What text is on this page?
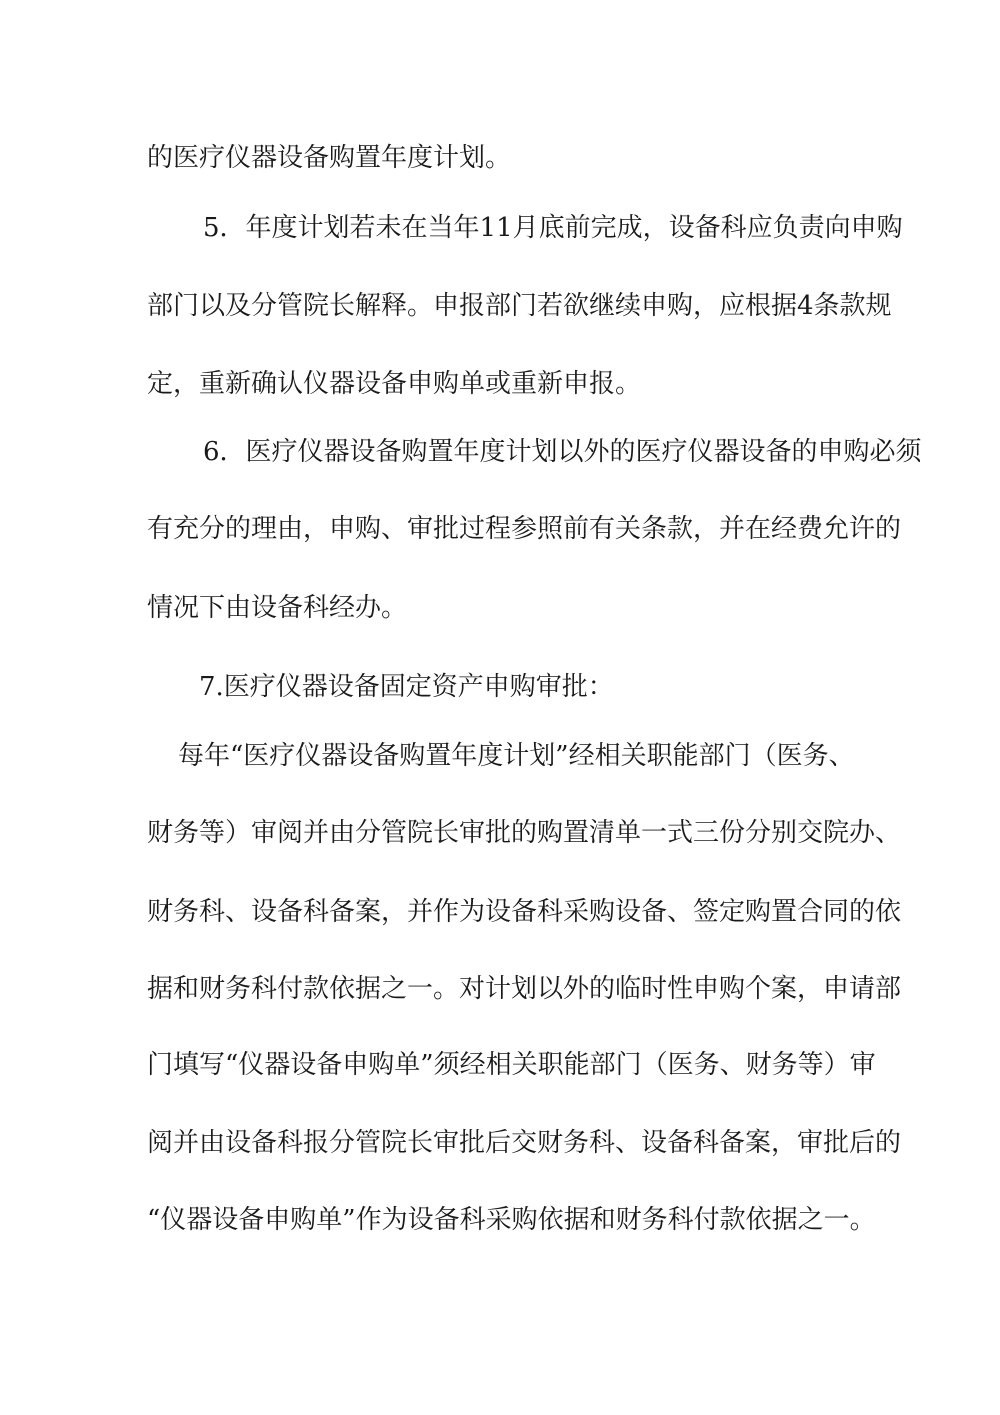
的医疗仪器设备购置年度计划。
5．年度计划若未在当年11月底前完成，设备科应负责向申购
部门以及分管院长解释。申报部门若欲继续申购，应根据4条款规
定，重新确认仪器设备申购单或重新申报。
6．医疗仪器设备购置年度计划以外的医疗仪器设备的申购必须
有充分的理由，申购、审批过程参照前有关条款，并在经费允许的
情况下由设备科经办。
7.医疗仪器设备固定资产申购审批：
每年“医疗仪器设备购置年度计划”经相关职能部门（医务、
财务等）审阅并由分管院长审批的购置清单一式三份分别交院办、
财务科、设备科备案，并作为设备科采购设备、签定购置合同的依
据和财务科付款依据之一。对计划以外的临时性申购个案，申请部
门填写“仪器设备申购单”须经相关职能部门（医务、财务等）审
阅并由设备科报分管院长审批后交财务科、设备科备案，审批后的
“仪器设备申购单”作为设备科采购依据和财务科付款依据之一。
